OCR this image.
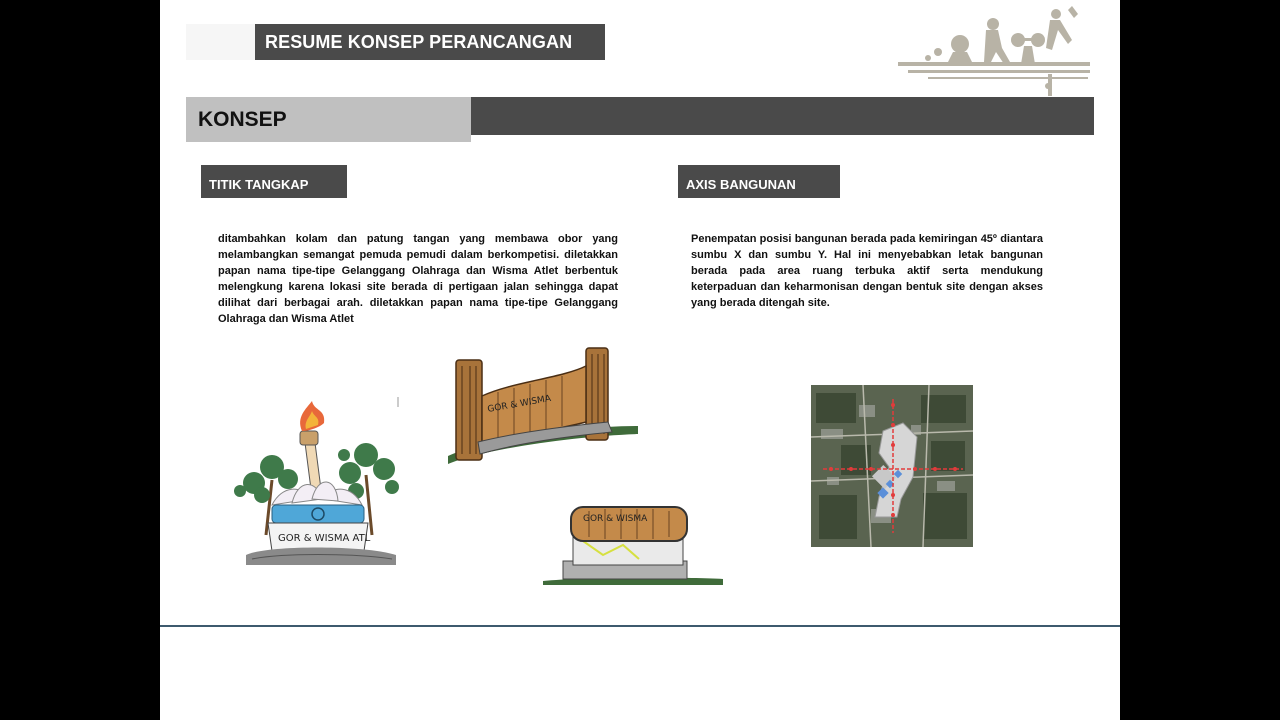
RESUME KONSEP PERANCANGAN
KONSEP
TITIK TANGKAP

ditambahkan kolam dan patung tangan yang membawa obor yang melambangkan semangat pemuda pemudi dalam berkompetisi. diletakkan papan nama tipe-tipe Gelanggang Olahraga dan Wisma Atlet berbentuk melengkung karena lokasi site berada di pertigaan jalan sehingga dapat dilihat dari berbagai arah. diletakkan papan nama tipe-tipe Gelanggang Olahraga dan Wisma Atlet

GOR & WISMA ATL
GOR & WISMA
GOR & WISMA
AXIS BANGUNAN

Penempatan posisi bangunan berada pada kemiringan 45º diantara sumbu X dan sumbu Y. Hal ini menyebabkan letak bangunan berada pada area ruang terbuka aktif serta mendukung keterpaduan dan keharmonisan dengan bentuk site dengan akses yang berada ditengah site.
